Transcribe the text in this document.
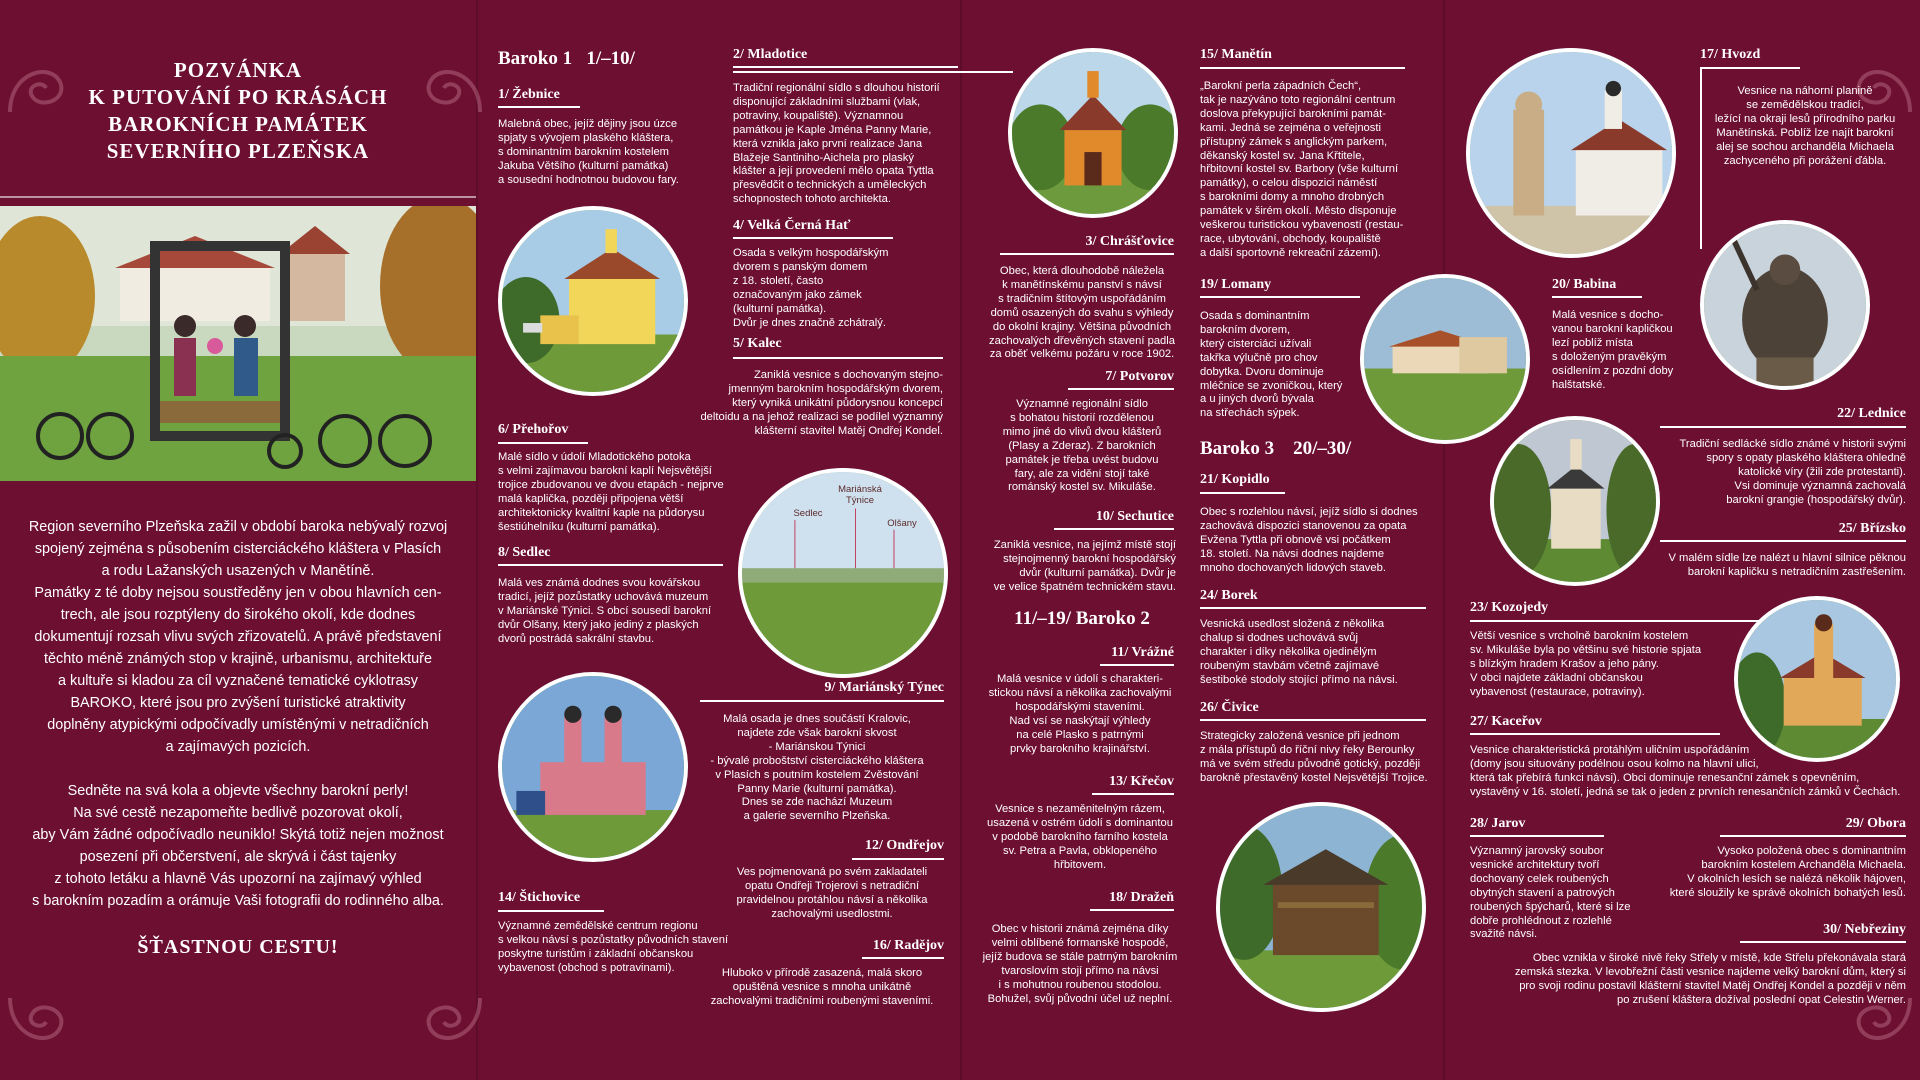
POZVÁNKA
K PUTOVÁNÍ PO KRÁSÁCH
BAROKNÍCH PAMÁTEK
SEVERNÍHO PLZEŇSKA
Region severního Plzeňska zažil v období baroka nebývalý rozvoj
spojený zejména s působením cisterciáckého kláštera v Plasích
a rodu Lažanských usazených v Manětíně.
Památky z té doby nejsou soustředěny jen v obou hlavních cen-
trech, ale jsou rozptýleny do širokého okolí, kde dodnes
dokumentují rozsah vlivu svých zřizovatelů. A právě představení
těchto méně známých stop v krajině, urbanismu, architektuře
a kultuře si kladou za cíl vyznačené tematické cyklotrasy
BAROKO, které jsou pro zvýšení turistické atraktivity
doplněny atypickými odpočívadly umístěnými v netradičních
a zajímavých pozicích.
Sedněte na svá kola a objevte všechny barokní perly!
Na své cestě nezapomeňte bedlivě pozorovat okolí,
aby Vám žádné odpočívadlo neuniklo! Skýtá totiž nejen možnost
posezení při občerstvení, ale skrývá i část tajenky
z tohoto letáku a hlavně Vás upozorní na zajímavý výhled
s barokním pozadím a orámuje Vaši fotografii do rodinného alba.
ŠŤASTNOU CESTU!
Baroko 1 1/–10/
11/–19/ Baroko 2
Baroko 3 20/–30/
1/ Žebnice
Malebná obec, jejíž dějiny jsou úzce
spjaty s vývojem plaského kláštera,
s dominantním barokním kostelem
Jakuba Většího (kulturní památka)
a sousední hodnotnou budovou fary.
2/ Mladotice
Tradiční regionální sídlo s dlouhou historií
disponující základními službami (vlak,
potraviny, koupaliště). Významnou
památkou je Kaple Jména Panny Marie,
která vznikla jako první realizace Jana
Blažeje Santiniho-Aichela pro plaský
klášter a její provedení mělo opata Tyttla
přesvědčit o technických a uměleckých
schopnostech tohoto architekta.
3/ Chrášťovice
Obec, která dlouhodobě náležela
k manětínskému panství s návsí
s tradičním štítovým uspořádáním
domů osazených do svahu s výhledy
do okolní krajiny. Většina původních
zachovalých dřevěných stavení padla
za oběť velkému požáru v roce 1902.
4/ Velká Černá Hať
Osada s velkým hospodářským
dvorem s panským domem
z 18. století, často
označovaným jako zámek
(kulturní památka).
Dvůr je dnes značně zchátralý.
5/ Kalec
Zaniklá vesnice s dochovaným stejno-
jmenným barokním hospodářským dvorem,
který vyniká unikátní půdorysnou koncepcí
deltoidu a na jehož realizaci se podílel významný
klášterní stavitel Matěj Ondřej Kondel.
6/ Přehořov
Malé sídlo v údolí Mladotického potoka
s velmi zajímavou barokní kaplí Nejsvětější
trojice zbudovanou ve dvou etapách - nejprve
malá kaplička, později připojena větší
architektonicky kvalitní kaple na půdorysu
šestiúhelníku (kulturní památka).
Sedlec
Mariánská Týnice
Olšany
7/ Potvorov
Významné regionální sídlo
s bohatou historií rozdělenou
mimo jiné do vlivů dvou klášterů
(Plasy a Zderaz). Z barokních
památek je třeba uvést budovu
fary, ale za vidění stojí také
románský kostel sv. Mikuláše.
8/ Sedlec
Malá ves známá dodnes svou kovářskou
tradicí, jejíž pozůstatky uchovává muzeum
v Mariánské Týnici. S obcí sousedí barokní
dvůr Olšany, který jako jediný z plaských
dvorů postrádá sakrální stavbu.
10/ Sechutice
Zaniklá vesnice, na jejímž místě stojí
stejnojmenný barokní hospodářský
dvůr (kulturní památka). Dvůr je
ve velice špatném technickém stavu.
9/ Mariánský Týnec
Malá osada je dnes součástí Kralovic,
najdete zde však barokní skvost
- Mariánskou Týnici
- bývalé proboštství cisterciáckého kláštera
v Plasích s poutním kostelem Zvěstování
Panny Marie (kulturní památka).
Dnes se zde nachází Muzeum
a galerie severního Plzeňska.
11/ Vrážné
Malá vesnice v údolí s charakteri-
stickou návsí a několika zachovalými
hospodářskými staveními.
Nad vsí se naskýtají výhledy
na celé Plasko s patrnými
prvky barokního krajinářství.
12/ Ondřejov
Ves pojmenovaná po svém zakladateli
opatu Ondřeji Trojerovi s netradiční
pravidelnou protáhlou návsí a několika
zachovalými usedlostmi.
13/ Křečov
Vesnice s nezaměnitelným rázem,
usazená v ostrém údolí s dominantou
v podobě barokního farního kostela
sv. Petra a Pavla, obklopeného
hřbitovem.
14/ Štichovice
Významné zemědělské centrum regionu
s velkou návsí s pozůstatky původních stavení
poskytne turistům i základní občanskou
vybavenost (obchod s potravinami).
16/ Radějov
Hluboko v přírodě zasazená, malá skoro
opuštěná vesnice s mnoha unikátně
zachovalými tradičními roubenými staveními.
18/ Dražeň
Obec v historii známá zejména díky
velmi oblíbené formanské hospodě,
jejíž budova se stále patrným barokním
tvaroslovím stojí přímo na návsi
i s mohutnou roubenou stodolou.
Bohužel, svůj původní účel už neplní.
15/ Manětín
„Barokní perla západních Čech“,
tak je nazýváno toto regionální centrum
doslova překypující barokními památ-
kami. Jedná se zejména o veřejnosti
přístupný zámek s anglickým parkem,
děkanský kostel sv. Jana Křtitele,
hřbitovní kostel sv. Barbory (vše kulturní
památky), o celou dispozici náměstí
s barokními domy a mnoho drobných
památek v širém okolí. Město disponuje
veškerou turistickou vybaveností (restau-
race, ubytování, obchody, koupaliště
a další sportovně rekreační zázemí).
17/ Hvozd
Vesnice na náhorní planině
se zemědělskou tradicí,
ležící na okraji lesů přírodního parku
Manětínská. Poblíž lze najít barokní
alej se sochou archanděla Michaela
zachyceného při porážení ďábla.
19/ Lomany
Osada s dominantním
barokním dvorem,
který cisterciáci užívali
takřka výlučně pro chov
dobytka. Dvoru dominuje
mléčnice se zvoničkou, který
a u jiných dvorů bývala
na střechách sýpek.
20/ Babina
Malá vesnice s docho-
vanou barokní kapličkou
lezí poblíž místa
s doloženým pravěkým
osídlením z pozdní doby
halštatské.
21/ Kopidlo
Obec s rozlehlou návsí, jejíž sídlo si dodnes
zachovává dispozici stanovenou za opata
Evžena Tyttla při obnově vsi počátkem
18. století. Na návsi dodnes najdeme
mnoho dochovaných lidových staveb.
22/ Lednice
Tradiční sedlácké sídlo známé v historii svými
spory s opaty plaského kláštera ohledně
katolické víry (žili zde protestanti).
Vsi dominuje významná zachovalá
barokní grangie (hospodářský dvůr).
25/ Břízsko
V malém sídle lze nalézt u hlavní silnice pěknou
barokní kapličku s netradičním zastřešením.
23/ Kozojedy
Větší vesnice s vrcholně barokním kostelem
sv. Mikuláše byla po většinu své historie spjata
s blízkým hradem Krašov a jeho pány.
V obci najdete základní občanskou
vybavenost (restaurace, potraviny).
24/ Borek
Vesnická usedlost složená z několika
chalup si dodnes uchovává svůj
charakter i díky několika ojedinělým
roubeným stavbám včetně zajímavé
šestiboké stodoly stojící přímo na návsi.
26/ Čivice
Strategicky založená vesnice při jednom
z mála přístupů do říční nivy řeky Berounky
má ve svém středu původně gotický, později
barokně přestavěný kostel Nejsvětější Trojice.
27/ Kaceřov
Vesnice charakteristická protáhlým uličním uspořádáním
(domy jsou situovány podélnou osou kolmo na hlavní ulici,
která tak přebírá funkci návsi). Obci dominuje renesanční zámek s opevněním,
vystavěný v 16. století, jedná se tak o jeden z prvních renesančních zámků v Čechách.
28/ Jarov
Významný jarovský soubor
vesnické architektury tvoří
dochovaný celek roubených
obytných stavení a patrových
roubených špýcharů, které si lze
dobře prohlédnout z rozlehlé
svažité návsi.
29/ Obora
Vysoko položená obec s dominantním
barokním kostelem Archanděla Michaela.
V okolních lesích se nalézá několik hájoven,
které sloužily ke správě okolních bohatých lesů.
30/ Nebřeziny
Obec vznikla v široké nivě řeky Střely v místě, kde Střelu překonávala stará
zemská stezka. V levobřežní části vesnice najdeme velký barokní dům, který si
pro svoji rodinu postavil klášterní stavitel Matěj Ondřej Kondel a později v něm
po zrušení kláštera dožíval poslední opat Celestin Werner.
